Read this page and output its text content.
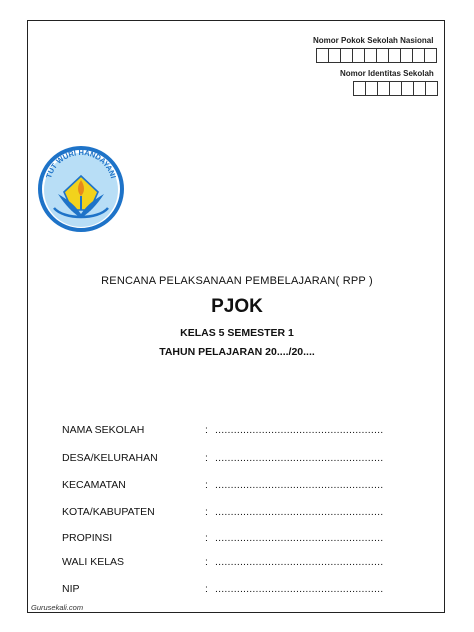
Nomor Pokok Sekolah Nasional
Nomor Identitas Sekolah
TUT WURI HANDAYANI
RENCANA PELAKSANAAN PEMBELAJARAN( RPP )
PJOK
KELAS 5 SEMESTER 1
TAHUN PELAJARAN 20..../20....
NAMA SEKOLAH	: ......................................................
DESA/KELURAHAN	: ......................................................
KECAMATAN	: ......................................................
KOTA/KABUPATEN	: ......................................................
PROPINSI	: ......................................................
WALI KELAS	: ......................................................
NIP	: ......................................................
Gurusekali.com
